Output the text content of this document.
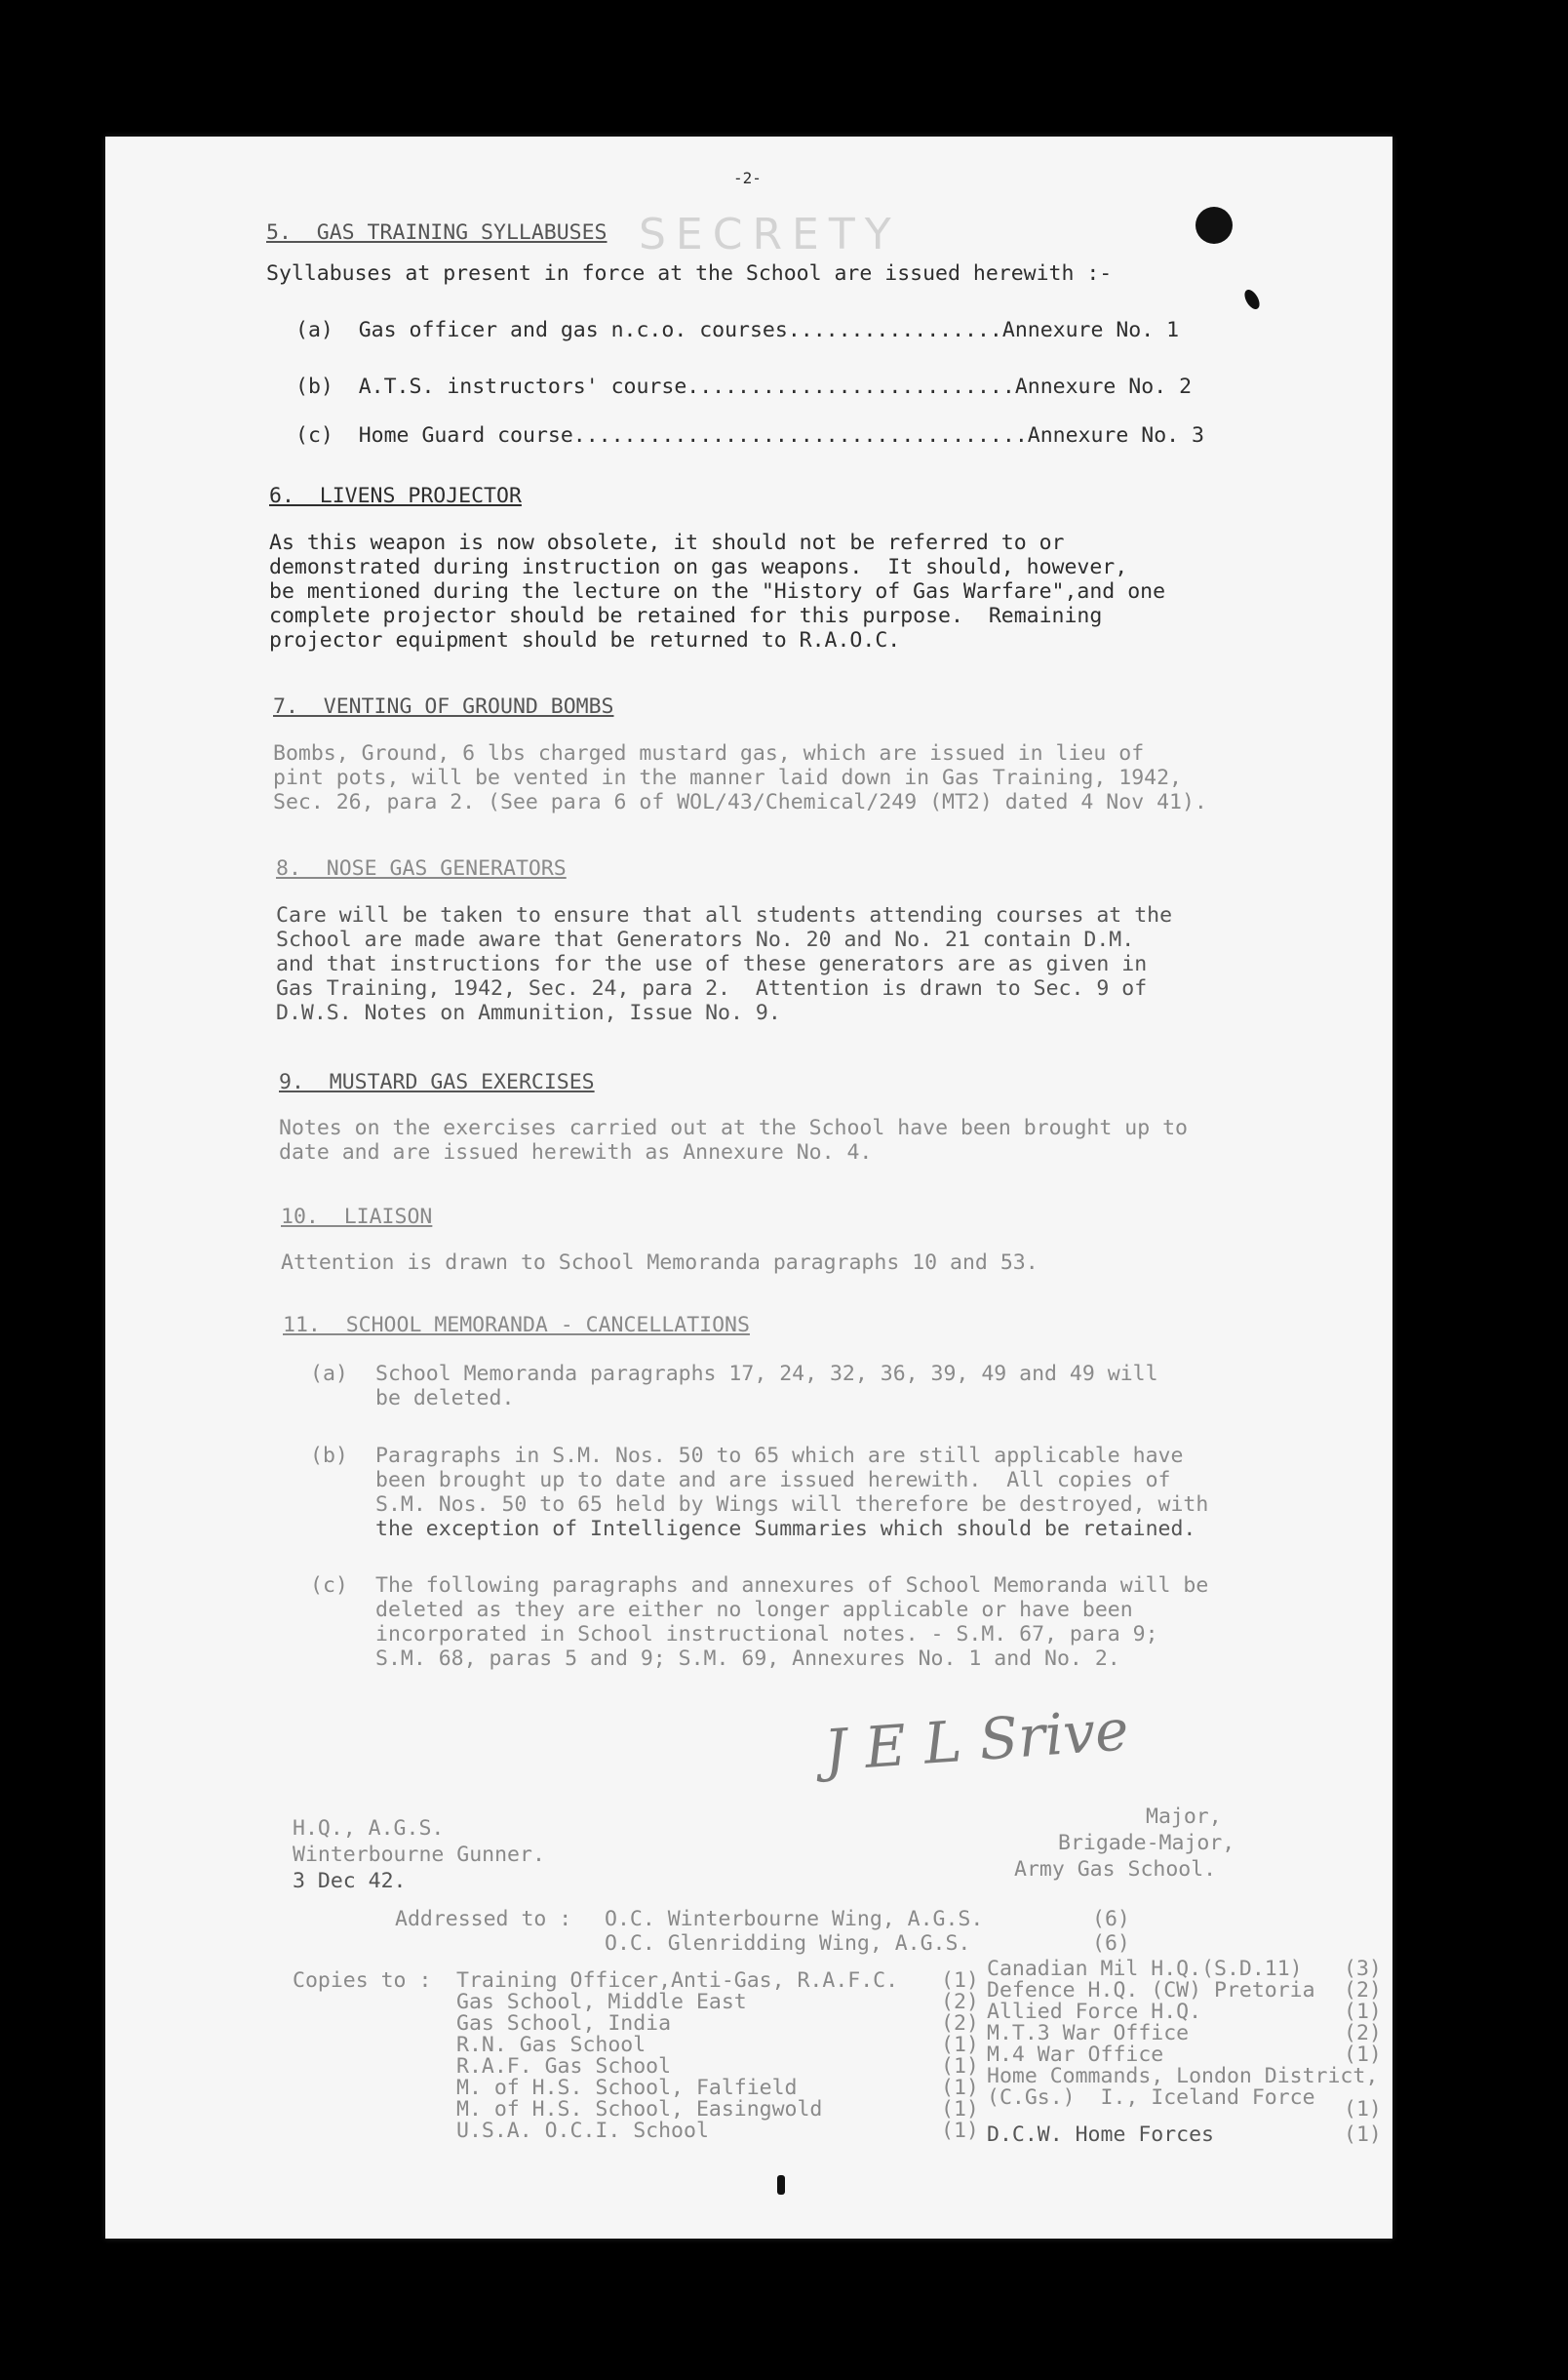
-2-
SECRETY
5.  GAS TRAINING SYLLABUSES
Syllabuses at present in force at the School are issued herewith :-
(a)  Gas officer and gas n.c.o. courses.................Annexure No. 1
(b)  A.T.S. instructors' course..........................Annexure No. 2
(c)  Home Guard course....................................Annexure No. 3
6.  LIVENS PROJECTOR
As this weapon is now obsolete, it should not be referred to or
demonstrated during instruction on gas weapons.  It should, however,
be mentioned during the lecture on the "History of Gas Warfare",and one
complete projector should be retained for this purpose.  Remaining
projector equipment should be returned to R.A.O.C.
7.  VENTING OF GROUND BOMBS
Bombs, Ground, 6 lbs charged mustard gas, which are issued in lieu of
pint pots, will be vented in the manner laid down in Gas Training, 1942,
Sec. 26, para 2. (See para 6 of WOL/43/Chemical/249 (MT2) dated 4 Nov 41).
8.  NOSE GAS GENERATORS
Care will be taken to ensure that all students attending courses at the
School are made aware that Generators No. 20 and No. 21 contain D.M.
and that instructions for the use of these generators are as given in
Gas Training, 1942, Sec. 24, para 2.  Attention is drawn to Sec. 9 of
D.W.S. Notes on Ammunition, Issue No. 9.
9.  MUSTARD GAS EXERCISES
Notes on the exercises carried out at the School have been brought up to
date and are issued herewith as Annexure No. 4.
10.  LIAISON
Attention is drawn to School Memoranda paragraphs 10 and 53.
11.  SCHOOL MEMORANDA - CANCELLATIONS
(a) School Memoranda paragraphs 17, 24, 32, 36, 39, 49 and 49 will
be deleted.
(b) Paragraphs in S.M. Nos. 50 to 65 which are still applicable have
been brought up to date and are issued herewith.  All copies of
S.M. Nos. 50 to 65 held by Wings will therefore be destroyed, with
the exception of Intelligence Summaries which should be retained.
(c) The following paragraphs and annexures of School Memoranda will be
deleted as they are either no longer applicable or have been
incorporated in School instructional notes. - S.M. 67, para 9;
S.M. 68, paras 5 and 9; S.M. 69, Annexures No. 1 and No. 2.
J E L Srive
Major,
Brigade-Major,
Army Gas School.
H.Q., A.G.S.
Winterbourne Gunner.
3 Dec 42.
Addressed to : O.C. Winterbourne Wing, A.G.S.	(6)
O.C. Glenridding Wing, A.G.S.	(6)
Copies to : Training Officer,Anti-Gas, R.A.F.C.
Gas School, Middle East
Gas School, India
R.N. Gas School
R.A.F. Gas School
M. of H.S. School, Falfield
M. of H.S. School, Easingwold
U.S.A. O.C.I. School
(1)
(2)
(2)
(1)
(1)
(1)
(1)
(1)
Canadian Mil H.Q.(S.D.11)
Defence H.Q. (CW) Pretoria
Allied Force H.Q.
M.T.3 War Office
M.4 War Office
Home Commands, London District,
(C.Gs.)  I., Iceland Force
D.C.W. Home Forces
(3)
(2)
(1)
(2)
(1)
(1)
(1)
